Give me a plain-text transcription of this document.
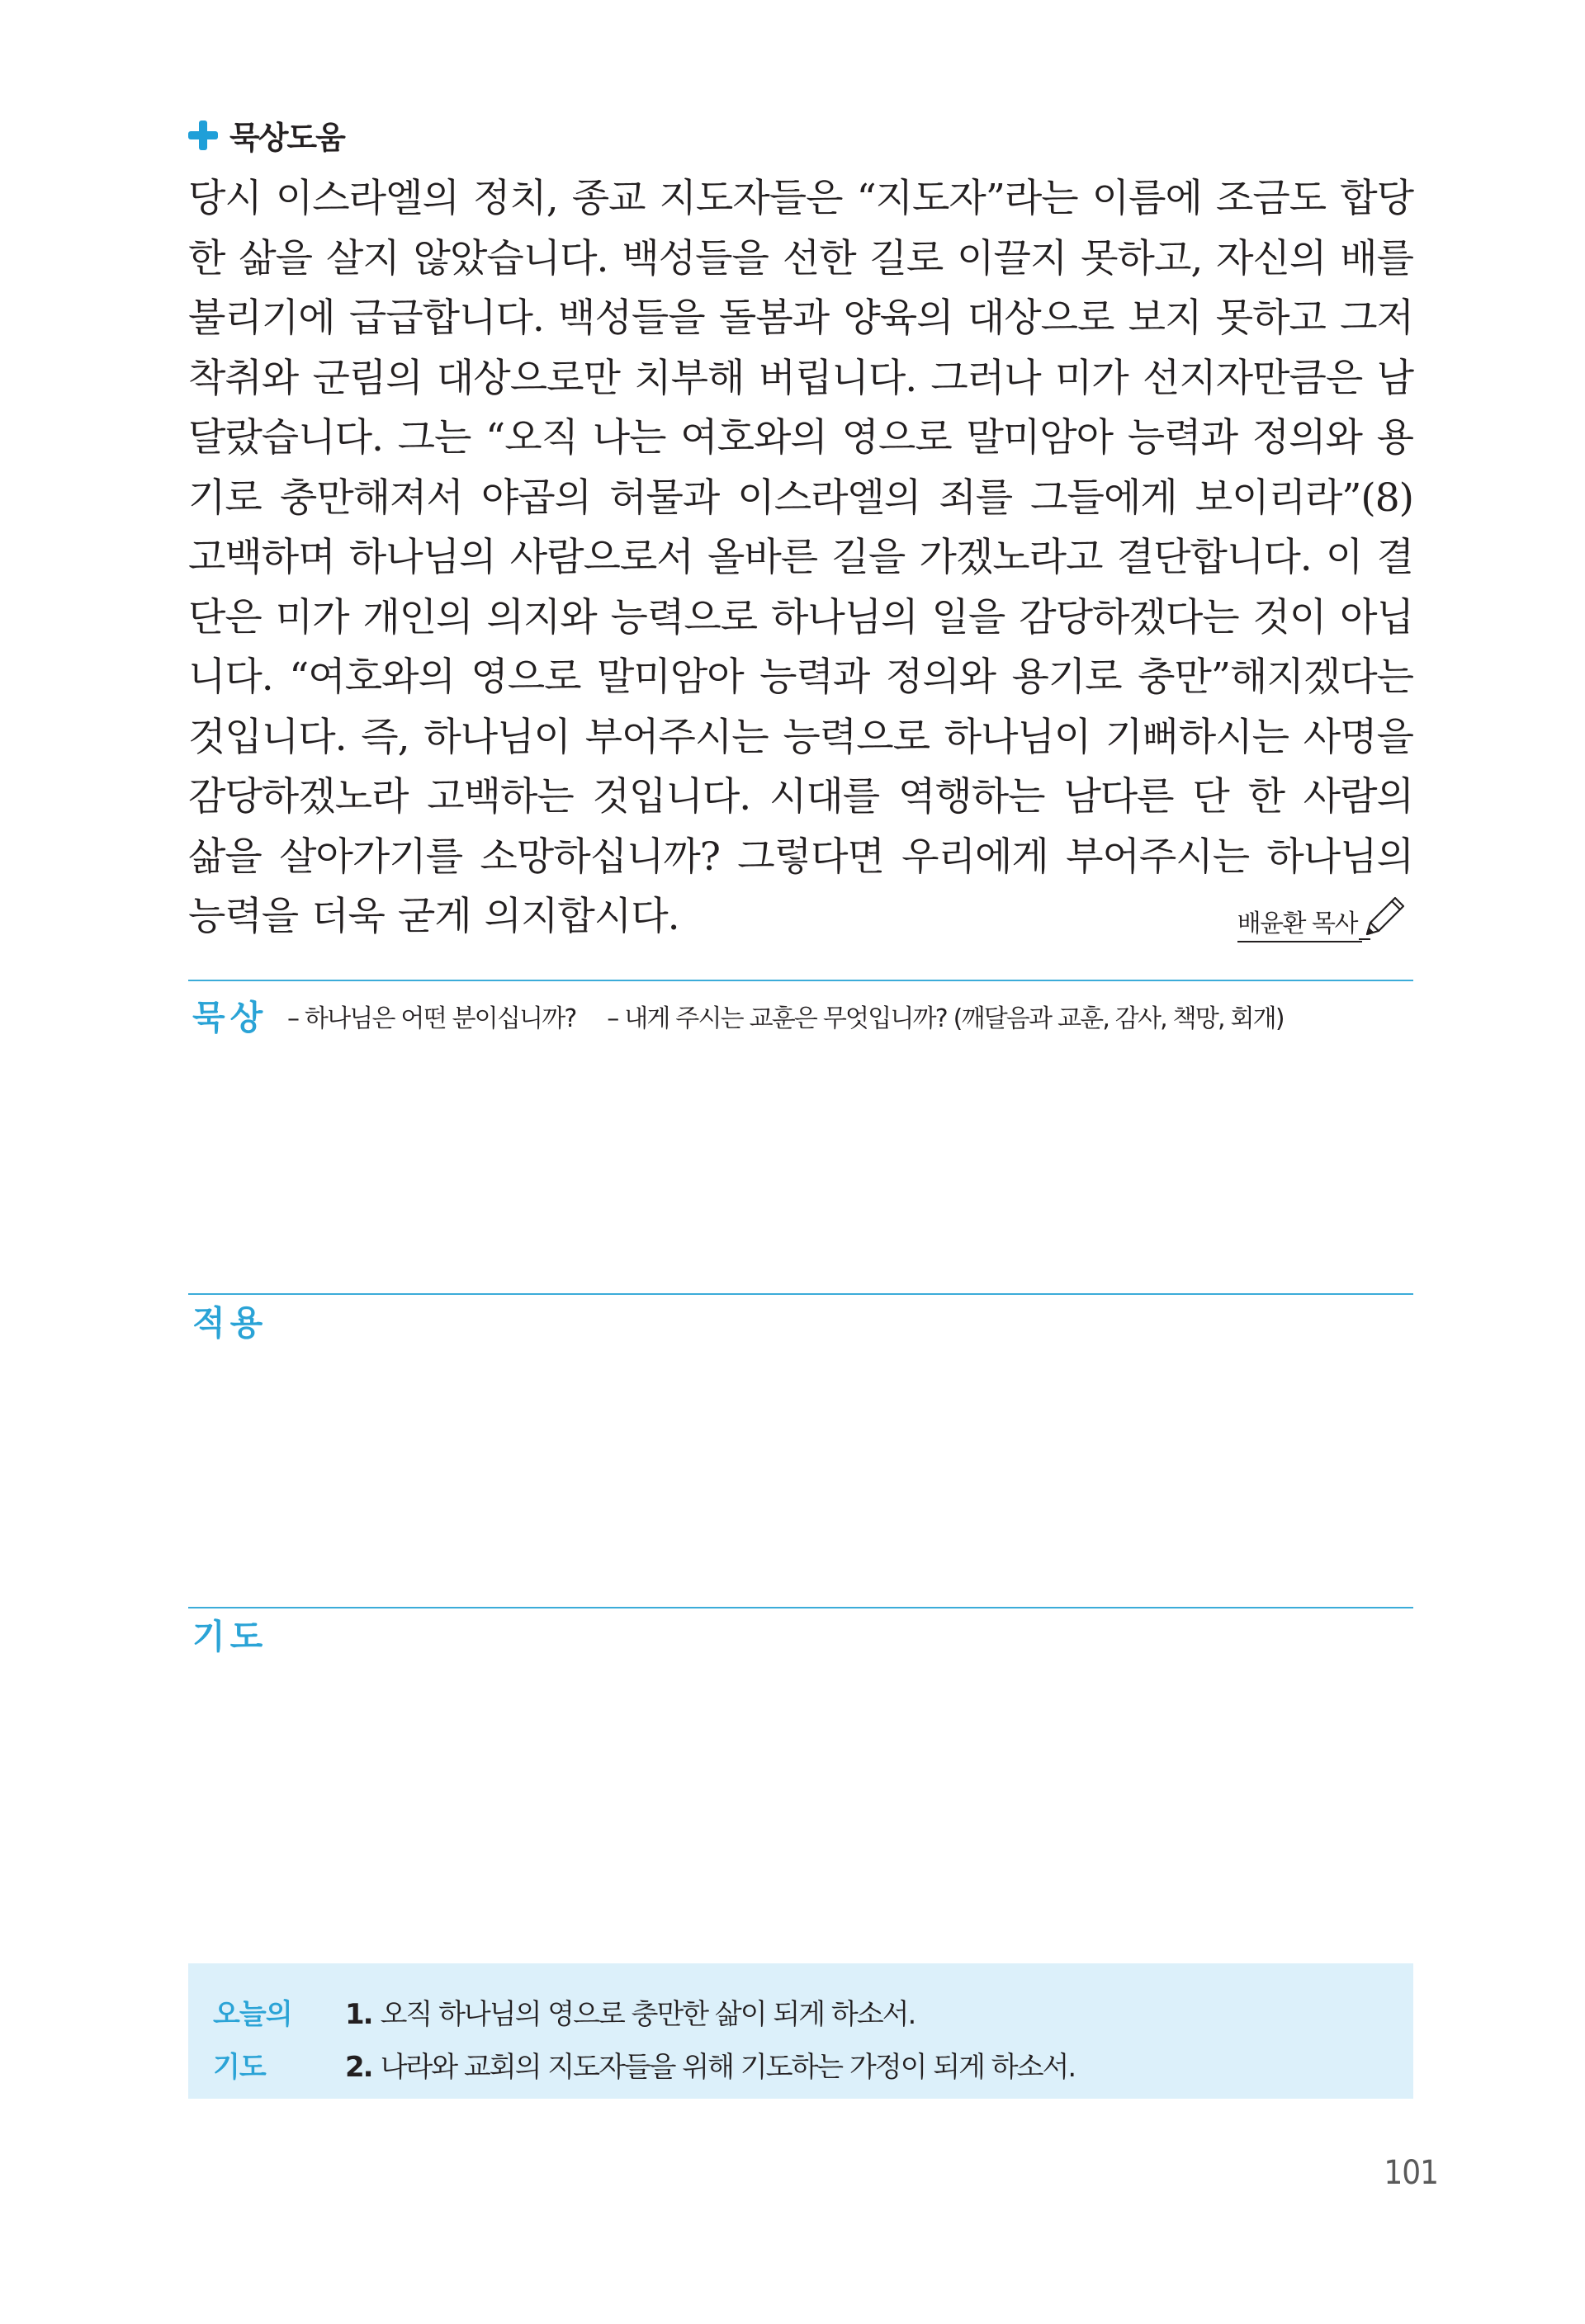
묵상도움

당시 이스라엘의 정치, 종교 지도자들은 “지도자”라는 이름에 조금도 합당한 삶을 살지 않았습니다. 백성들을 선한 길로 이끌지 못하고, 자신의 배를 불리기에 급급합니다. 백성들을 돌봄과 양육의 대상으로 보지 못하고 그저 착취와 군림의 대상으로만 치부해 버립니다. 그러나 미가 선지자만큼은 남달랐습니다. 그는 “오직 나는 여호와의 영으로 말미암아 능력과 정의와 용기로 충만해져서 야곱의 허물과 이스라엘의 죄를 그들에게 보이리라”(8) 고백하며 하나님의 사람으로서 올바른 길을 가겠노라고 결단합니다. 이 결단은 미가 개인의 의지와 능력으로 하나님의 일을 감당하겠다는 것이 아닙니다. “여호와의 영으로 말미암아 능력과 정의와 용기로 충만”해지겠다는 것입니다. 즉, 하나님이 부어주시는 능력으로 하나님이 기뻐하시는 사명을 감당하겠노라 고백하는 것입니다. 시대를 역행하는 남다른 단 한 사람의 삶을 살아가기를 소망하십니까? 그렇다면 우리에게 부어주시는 하나님의 능력을 더욱 굳게 의지합시다.	배윤환 목사
묵상 – 하나님은 어떤 분이십니까? – 내게 주시는 교훈은 무엇입니까? (깨달음과 교훈, 감사, 책망, 회개)
적용
기도
오늘의
기도
1. 오직 하나님의 영으로 충만한 삶이 되게 하소서.
2. 나라와 교회의 지도자들을 위해 기도하는 가정이 되게 하소서.
101
